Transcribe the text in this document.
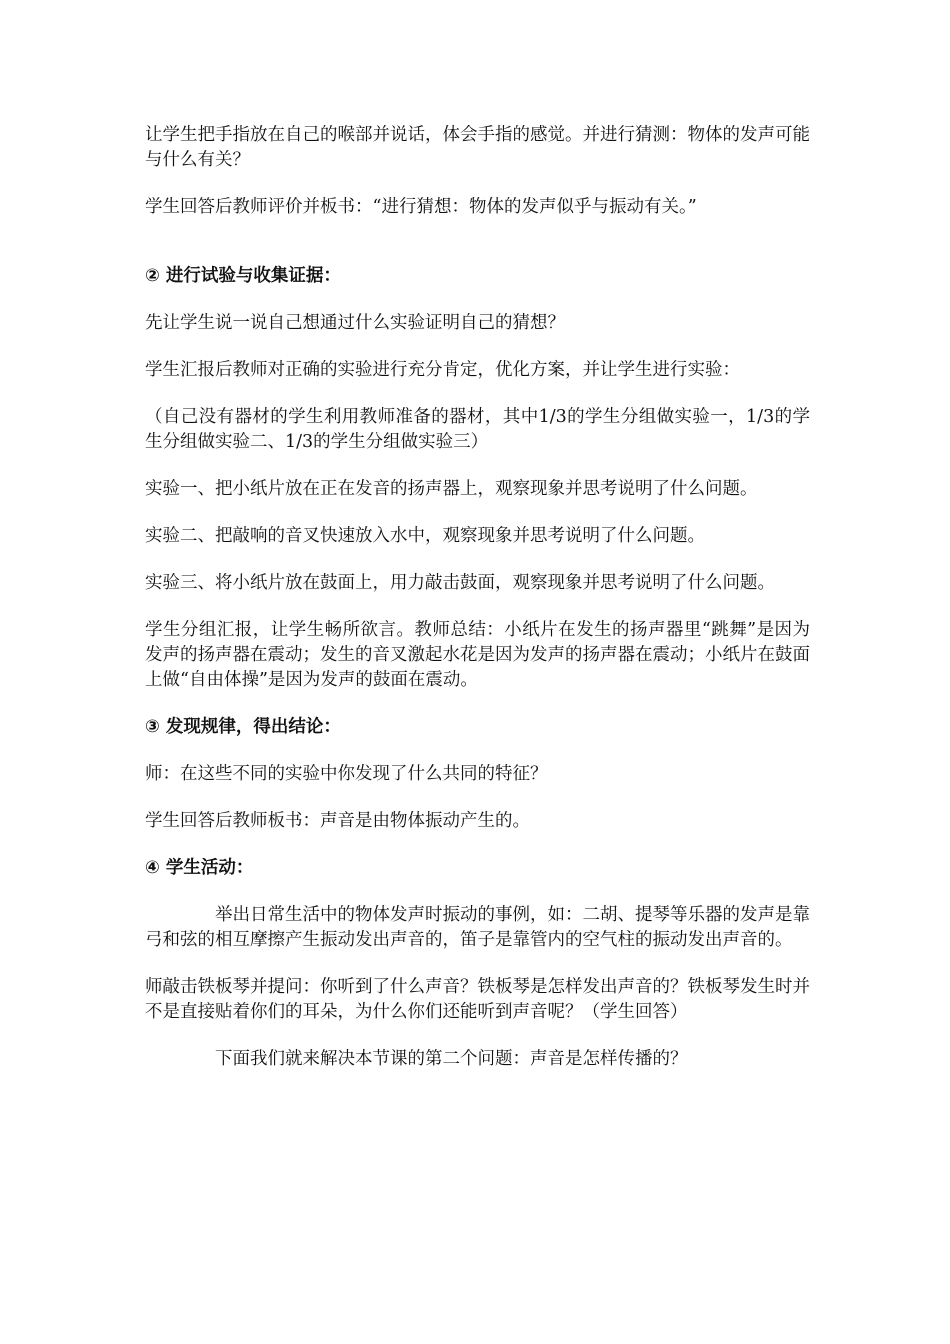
让学生把手指放在自己的喉部并说话，体会手指的感觉。并进行猜测：物体的发声可能与什么有关？

学生回答后教师评价并板书：“进行猜想：物体的发声似乎与振动有关。”

② 进行试验与收集证据：

先让学生说一说自己想通过什么实验证明自己的猜想？

学生汇报后教师对正确的实验进行充分肯定，优化方案，并让学生进行实验：

（自己没有器材的学生利用教师准备的器材，其中1/3的学生分组做实验一，1/3的学生分组做实验二、1/3的学生分组做实验三）

实验一、把小纸片放在正在发音的扬声器上，观察现象并思考说明了什么问题。

实验二、把敲响的音叉快速放入水中，观察现象并思考说明了什么问题。

实验三、将小纸片放在鼓面上，用力敲击鼓面，观察现象并思考说明了什么问题。

学生分组汇报，让学生畅所欲言。教师总结：小纸片在发生的扬声器里“跳舞”是因为发声的扬声器在震动；发生的音叉激起水花是因为发声的扬声器在震动；小纸片在鼓面上做“自由体操”是因为发声的鼓面在震动。

③ 发现规律，得出结论：

师：在这些不同的实验中你发现了什么共同的特征？

学生回答后教师板书：声音是由物体振动产生的。

④ 学生活动：

举出日常生活中的物体发声时振动的事例，如：二胡、提琴等乐器的发声是靠弓和弦的相互摩擦产生振动发出声音的，笛子是靠管内的空气柱的振动发出声音的。

师敲击铁板琴并提问：你听到了什么声音？铁板琴是怎样发出声音的？铁板琴发生时并不是直接贴着你们的耳朵，为什么你们还能听到声音呢？（学生回答）

下面我们就来解决本节课的第二个问题：声音是怎样传播的？
